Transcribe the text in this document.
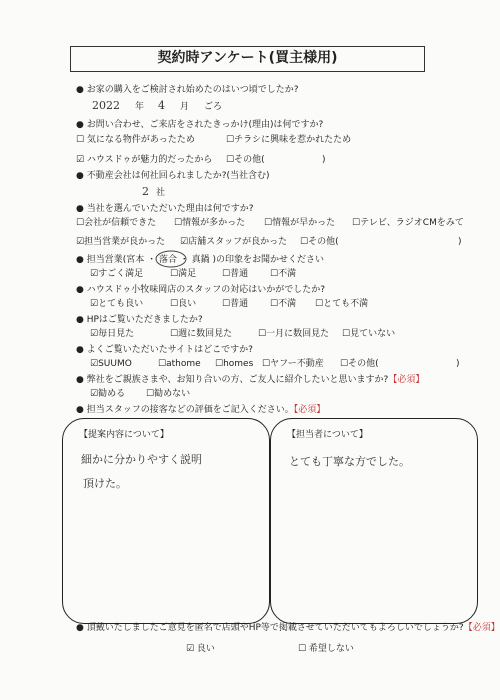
契約時アンケート(買主様用)
● お家の購入をご検討され始めたのはいつ頃でしたか?
2022 年 4 月 ごろ
● お問い合わせ、ご来店をされたきっかけ(理由)は何ですか?
☐ 気になる物件があったため	☐チラシに興味を惹かれたため
☑ ハウスドゥが魅力的だったから ☐その他(	)
● 不動産会社は何社回られましたか?(当社含む)
2 社
● 当社を選んでいただいた理由は何ですか?
☐会社が信頼できた ☐情報が多かった ☐情報が早かった ☐テレビ、ラジオCMをみて
☑担当営業が良かった ☑店舗スタッフが良かった ☐その他(	)
● 担当営業(宮本 ・ 落合 ・ 真鍋 )の印象をお聞かせください
☑すごく満足	☐満足	☐普通 ☐不満
● ハウスドゥ小牧味岡店のスタッフの対応はいかがでしたか?
☑とても良い	☐良い	☐普通 ☐不満 ☐とても不満
● HPはご覧いただきましたか?
☑毎日見た	☐週に数回見た	☐一月に数回見た ☐見ていない
● よくご覧いただいたサイトはどこですか?
☑SUUMO	☐athome ☐homes ☐ヤフー不動産 ☐その他(	)
● 弊社をご親族さまや、お知り合いの方、ご友人に紹介したいと思いますか?【必須】
☑勧める ☐勧めない
● 担当スタッフの接客などの評価をご記入ください。【必須】
【提案内容について】
細かに分かりやすく説明
頂けた。
【担当者について】
とても丁寧な方でした。
● 頂戴いたしましたご意見を匿名で店頭やHP等で掲載させていただいてもよろしいでしょうか?【必須】
☑ 良い	☐ 希望しない
